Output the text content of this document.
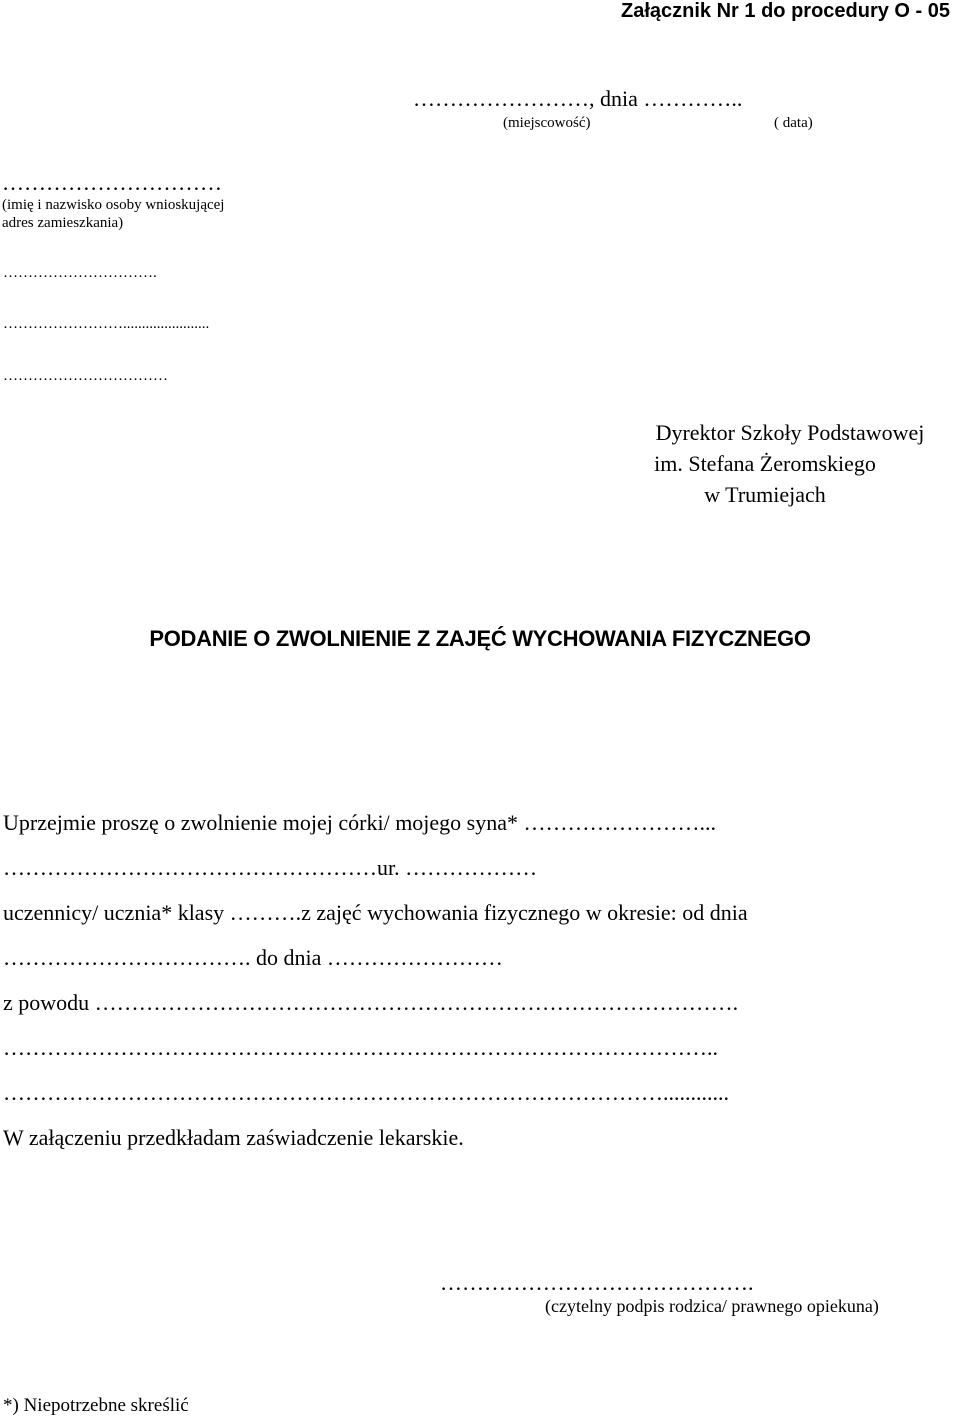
Załącznik Nr 1 do procedury O - 05
……………………, dnia …………..
(miejscowość)	( data)
…………………………
(imię i nazwisko osoby wnioskującej
adres zamieszkania)
………………………….
…………………….......................
……………………………
Dyrektor Szkoły Podstawowej
im. Stefana Żeromskiego
w Trumiejach
PODANIE O ZWOLNIENIE Z ZAJĘĆ WYCHOWANIA FIZYCZNEGO
Uprzejmie proszę o zwolnienie mojej córki/ mojego syna* ……………………...
……………………………………………ur. ………………
uczennicy/ ucznia* klasy ……….z zajęć wychowania fizycznego w okresie: od dnia
……………………………. do dnia ……………………
z powodu …………………………………………………………………………….
……………………………………………………………………………………..
………………………………………………………………………………............
W załączeniu przedkładam zaświadczenie lekarskie.
…………………………………….
(czytelny podpis rodzica/ prawnego opiekuna)
*) Niepotrzebne skreślić
